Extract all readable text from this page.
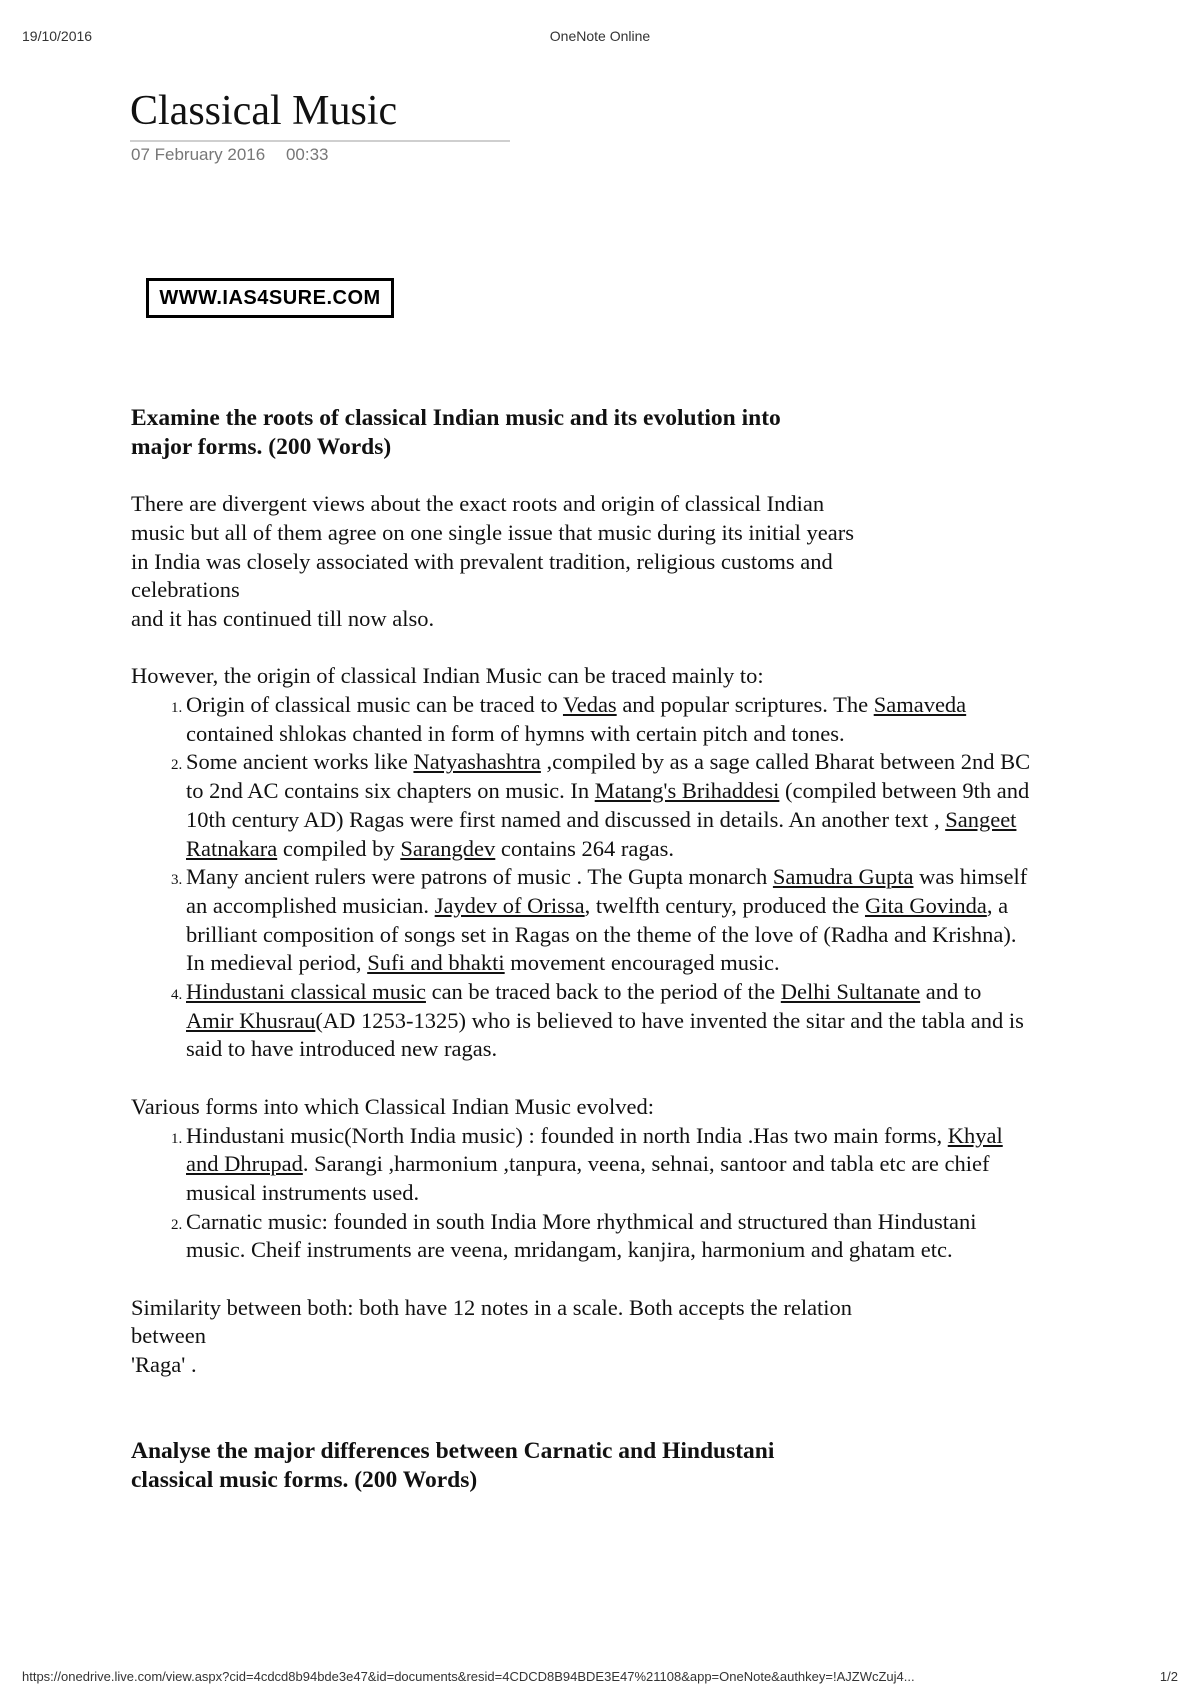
19/10/2016	OneNote Online
Classical Music
07 February 2016 00:33
WWW.IAS4SURE.COM

Examine the roots of classical Indian music and its evolution into
major forms. (200 Words)

There are divergent views about the exact roots and origin of classical Indian
music but all of them agree on one single issue that music during its initial years
in India was closely associated with prevalent tradition, religious customs and
celebrations
and it has continued till now also.

However, the origin of classical Indian Music can be traced mainly to:

1. Origin of classical music can be traced to Vedas and popular scriptures. The Samaveda contained shlokas chanted in form of hymns with certain pitch and tones.
2. Some ancient works like Natyashashtra ,compiled by as a sage called Bharat between 2nd BC to 2nd AC contains six chapters on music. In Matang's Brihaddesi (compiled between 9th and 10th century AD) Ragas were first named and discussed in details. An another text , Sangeet Ratnakara compiled by Sarangdev contains 264 ragas.
3. Many ancient rulers were patrons of music . The Gupta monarch Samudra Gupta was himself an accomplished musician. Jaydev of Orissa, twelfth century, produced the Gita Govinda, a brilliant composition of songs set in Ragas on the theme of the love of (Radha and Krishna). In medieval period, Sufi and bhakti movement encouraged music.
4. Hindustani classical music can be traced back to the period of the Delhi Sultanate and to Amir Khusrau(AD 1253-1325) who is believed to have invented the sitar and the tabla and is said to have introduced new ragas.

Various forms into which Classical Indian Music evolved:

1. Hindustani music(North India music) : founded in north India .Has two main forms, Khyal and Dhrupad. Sarangi ,harmonium ,tanpura, veena, sehnai, santoor and tabla etc are chief musical instruments used.
2. Carnatic music: founded in south India More rhythmical and structured than Hindustani music. Cheif instruments are veena, mridangam, kanjira, harmonium and ghatam etc.

Similarity between both: both have 12 notes in a scale. Both accepts the relation
between
'Raga' .

Analyse the major differences between Carnatic and Hindustani
classical music forms. (200 Words)

https://onedrive.live.com/view.aspx?cid=4cdcd8b94bde3e47&id=documents&resid=4CDCD8B94BDE3E47%21108&app=OneNote&authkey=!AJZWcZuj4...	1/2
